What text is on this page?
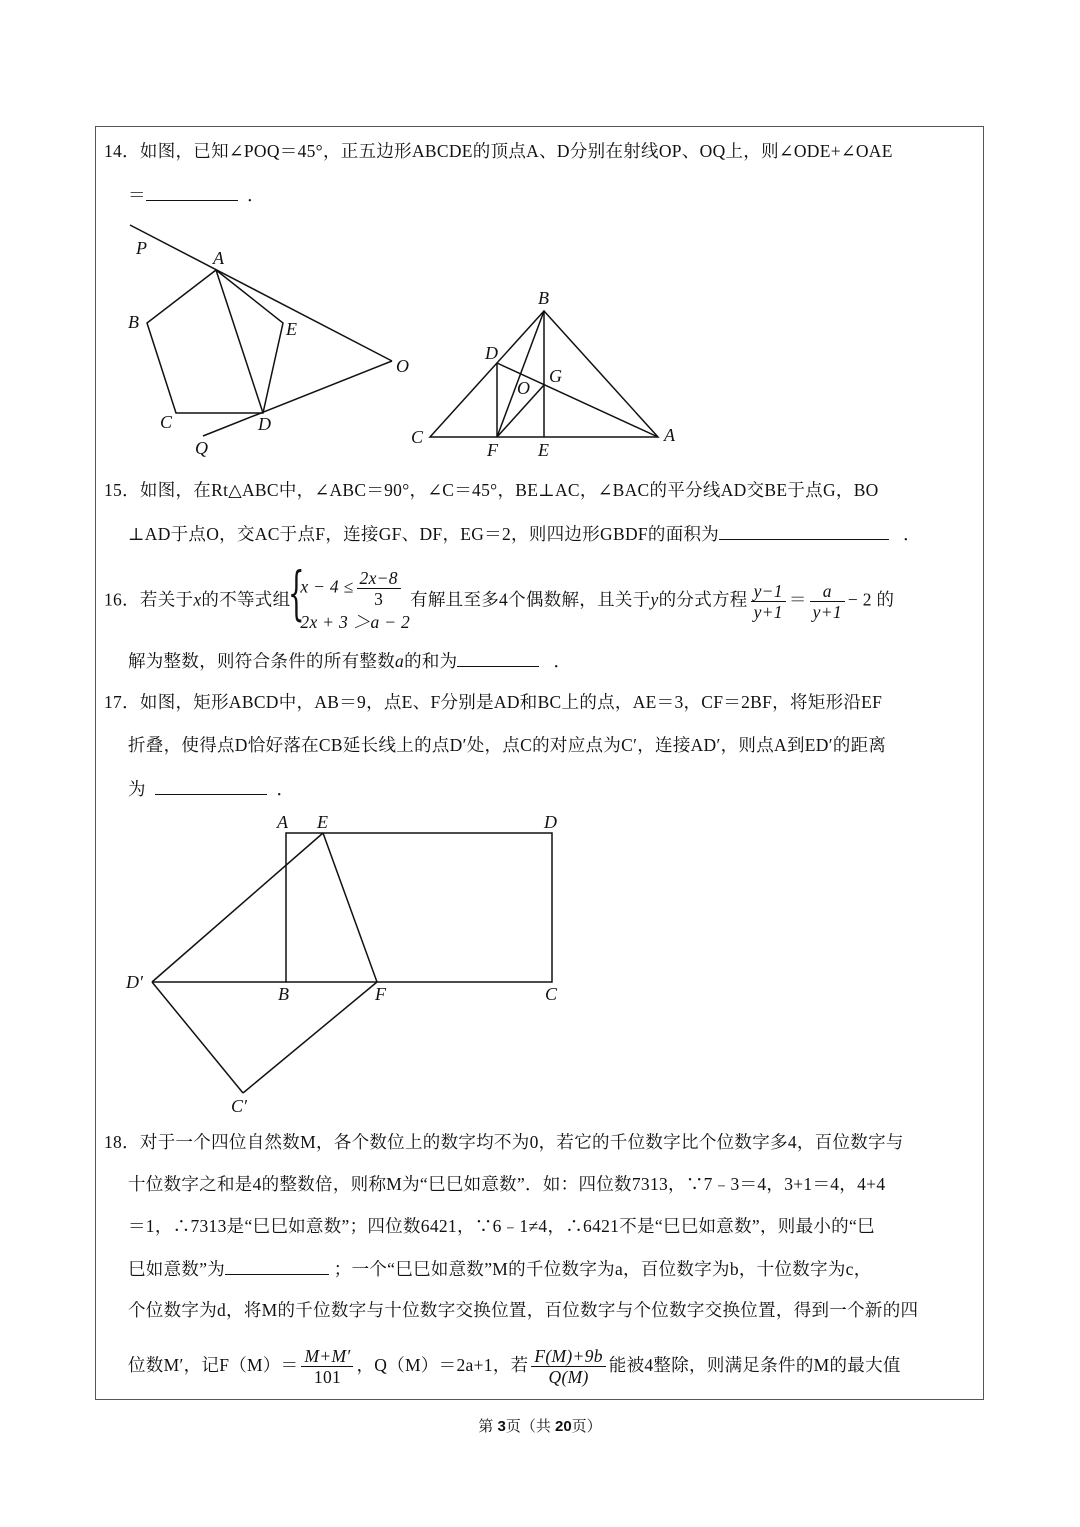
14．如图，已知∠POQ＝45°，正五边形ABCDE的顶点A、D分别在射线OP、OQ上，则∠ODE+∠OAE
＝	．
P	A
B	E
O
C	D
Q
B
D
G
O
C
F E
A
A E	D
D′
B	F	C
C′
15．如图，在Rt△ABC中，∠ABC＝90°，∠C＝45°，BE⊥AC，∠BAC的平分线AD交BE于点G，BO
⊥AD于点O，交AC于点F，连接GF、DF，EG＝2，则四边形GBDF的面积为	．
16．若关于x的不等式组
{
$x - 4 \le \frac{2x-8}{3}$
2x + 3 ＞a − 2
有解且至多4个偶数解，且关于y的分式方程 $\frac{y-1}{y+1} = \frac{a}{y+1} - 2$ 的
解为整数，则符合条件的所有整数a的和为	．
17．如图，矩形ABCD中，AB＝9，点E、F分别是AD和BC上的点，AE＝3，CF＝2BF，将矩形沿EF
折叠，使得点D恰好落在CB延长线上的点D′处，点C的对应点为C′，连接AD′，则点A到ED′的距离
为	．
18．对于一个四位自然数M，各个数位上的数字均不为0，若它的千位数字比个位数字多4，百位数字与
十位数字之和是4的整数倍，则称M为“巳巳如意数”．如：四位数7313，∵7﹣3＝4，3+1＝4，4+4
＝1，∴7313是“巳巳如意数”；四位数6421，∵6﹣1≠4，∴6421不是“巳巳如意数”，则最小的“巳
巳如意数”为	；一个“巳巳如意数”M的千位数字为a，百位数字为b，十位数字为c，
个位数字为d，将M的千位数字与十位数字交换位置，百位数字与个位数字交换位置，得到一个新的四
位数M′，记$F(M)= \frac{M+M'}{101}$ ，Q（M）＝2a+1，若 $\frac{F(M)+9b}{Q(M)}$ 能被4整除，则满足条件的M的最大值
第 3页（共 20页）
